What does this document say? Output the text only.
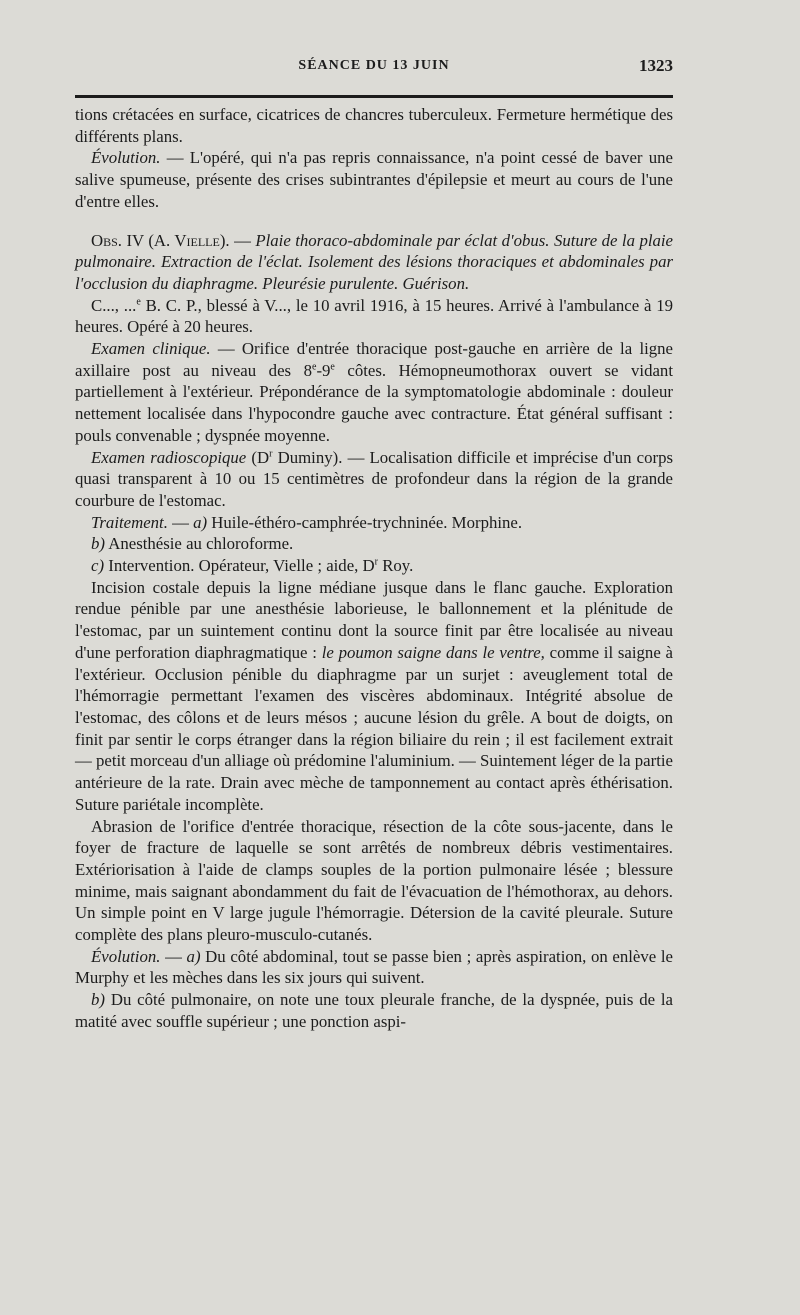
SÉANCE DU 13 JUIN	1323

tions crétacées en surface, cicatrices de chancres tuberculeux. Fermeture hermétique des différents plans.

Évolution. — L'opéré, qui n'a pas repris connaissance, n'a point cessé de baver une salive spumeuse, présente des crises subintrantes d'épilepsie et meurt au cours de l'une d'entre elles.

Obs. IV (A. Vielle). — Plaie thoraco-abdominale par éclat d'obus. Suture de la plaie pulmonaire. Extraction de l'éclat. Isolement des lésions thoraciques et abdominales par l'occlusion du diaphragme. Pleurésie purulente. Guérison.

C..., ...$^e$ B. C. P., blessé à V..., le 10 avril 1916, à 15 heures. Arrivé à l'ambulance à 19 heures. Opéré à 20 heures.

Examen clinique. — Orifice d'entrée thoracique post-gauche en arrière de la ligne axillaire post au niveau des 8e-9e côtes. Hémopneumothorax ouvert se vidant partiellement à l'extérieur. Prépondérance de la symptomatologie abdominale : douleur nettement localisée dans l'hypocondre gauche avec contracture. État général suffisant : pouls convenable ; dyspnée moyenne.

Examen radioscopique ($D^r$ Duminy). — Localisation difficile et imprécise d'un corps quasi transparent à 10 ou 15 centimètres de profondeur dans la région de la grande courbure de l'estomac.

Traitement. — a) Huile-éthéro-camphrée-trychninée. Morphine.

b) Anesthésie au chloroforme.

c) Intervention. Opérateur, Vielle ; aide, $D^r$ Roy.

Incision costale depuis la ligne médiane jusque dans le flanc gauche. Exploration rendue pénible par une anesthésie laborieuse, le ballonnement et la plénitude de l'estomac, par un suintement continu dont la source finit par être localisée au niveau d'une perforation diaphragmatique : le poumon saigne dans le ventre, comme il saigne à l'extérieur. Occlusion pénible du diaphragme par un surjet : aveuglement total de l'hémorragie permettant l'examen des viscères abdominaux. Intégrité absolue de l'estomac, des côlons et de leurs mésos ; aucune lésion du grêle. A bout de doigts, on finit par sentir le corps étranger dans la région biliaire du rein ; il est facilement extrait — petit morceau d'un alliage où prédomine l'aluminium. — Suintement léger de la partie antérieure de la rate. Drain avec mèche de tamponnement au contact après éthérisation. Suture pariétale incomplète.

Abrasion de l'orifice d'entrée thoracique, résection de la côte sous-jacente, dans le foyer de fracture de laquelle se sont arrêtés de nombreux débris vestimentaires. Extériorisation à l'aide de clamps souples de la portion pulmonaire lésée ; blessure minime, mais saignant abondamment du fait de l'évacuation de l'hémothorax, au dehors. Un simple point en V large jugule l'hémorragie. Détersion de la cavité pleurale. Suture complète des plans pleuro-musculo-cutanés.

Évolution. — a) Du côté abdominal, tout se passe bien ; après aspiration, on enlève le Murphy et les mèches dans les six jours qui suivent.

b) Du côté pulmonaire, on note une toux pleurale franche, de la dyspnée, puis de la matité avec souffle supérieur ; une ponction aspi-
